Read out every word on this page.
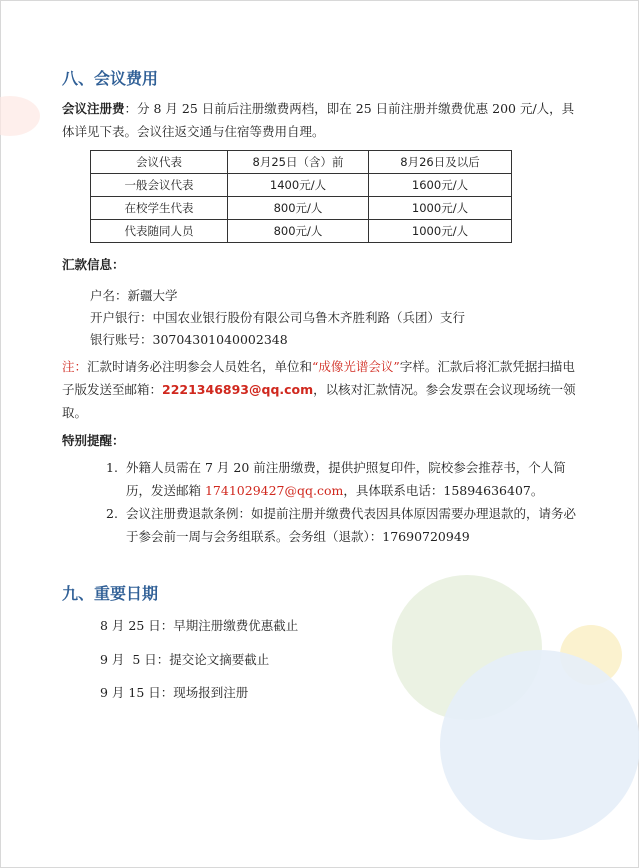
八、会议费用
会议注册费：分 8 月 25 日前后注册缴费两档，即在 25 日前注册并缴费优惠 200 元/人，具体详见下表。会议往返交通与住宿等费用自理。
会议代表	8月25日（含）前	8月26日及以后
一般会议代表	1400元/人	1600元/人
在校学生代表	800元/人	1000元/人
代表随同人员	800元/人	1000元/人
汇款信息：
户名：新疆大学
开户银行：中国农业银行股份有限公司乌鲁木齐胜利路（兵团）支行
银行账号：30704301040002348
注：汇款时请务必注明参会人员姓名，单位和“成像光谱会议”字样。汇款后将汇款凭据扫描电子版发送至邮箱：2221346893@qq.com，以核对汇款情况。参会发票在会议现场统一领取。
特别提醒：
1. 外籍人员需在 7 月 20 前注册缴费，提供护照复印件，院校参会推荐书，个人简历，发送邮箱 1741029427@qq.com，具体联系电话：15894636407。
2. 会议注册费退款条例：如提前注册并缴费代表因具体原因需要办理退款的，请务必于参会前一周与会务组联系。会务组（退款）：17690720949
九、重要日期
8 月 25 日：早期注册缴费优惠截止
9 月  5 日：提交论文摘要截止
9 月 15 日：现场报到注册
